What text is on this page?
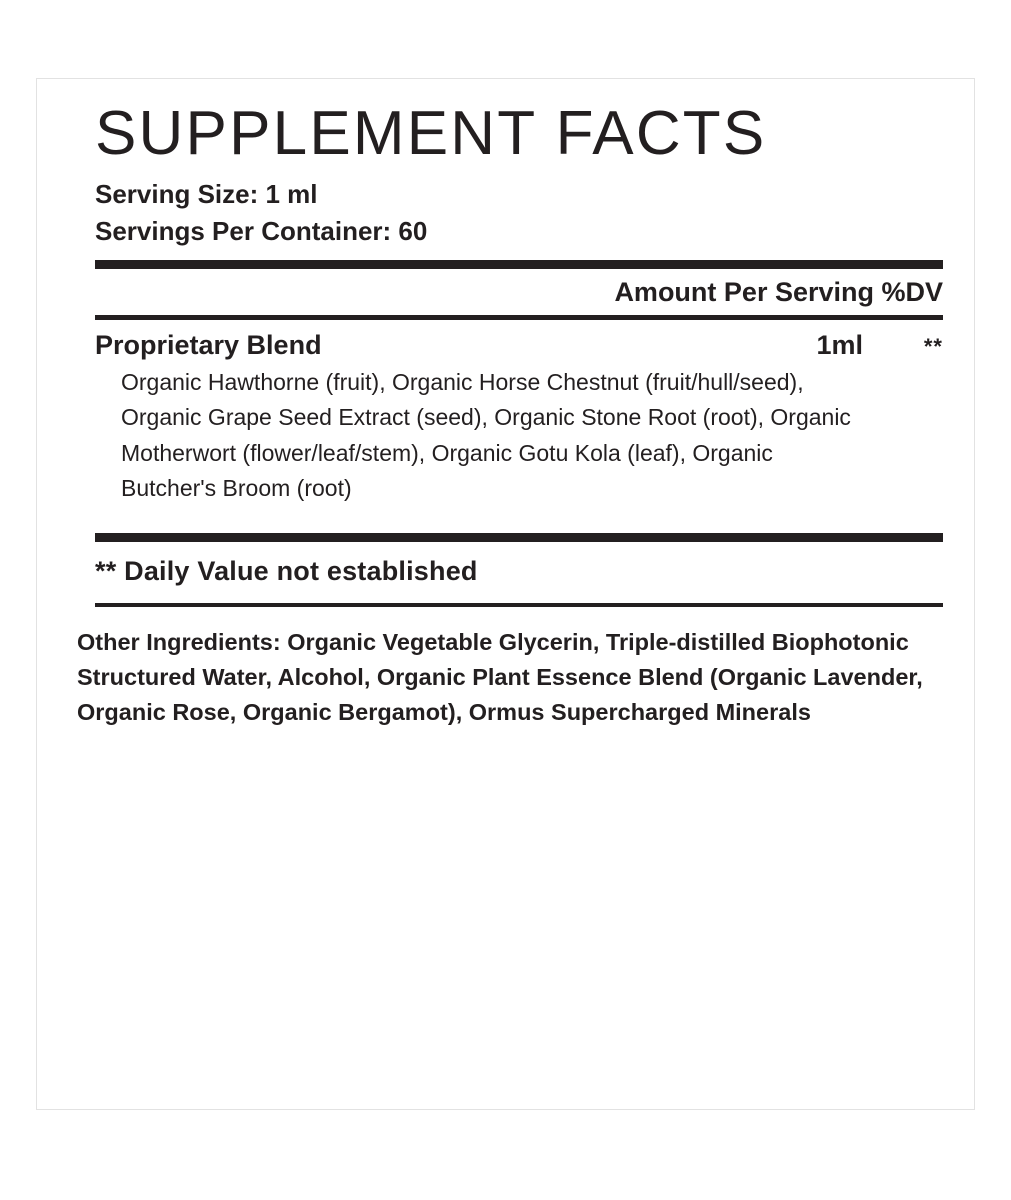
SUPPLEMENT FACTS
Serving Size: 1 ml
Servings Per Container: 60
Amount Per Serving %DV
Proprietary Blend	1ml	**
Organic Hawthorne (fruit), Organic Horse Chestnut (fruit/hull/seed), Organic Grape Seed Extract (seed), Organic Stone Root (root), Organic Motherwort (flower/leaf/stem), Organic Gotu Kola (leaf), Organic Butcher's Broom (root)
** Daily Value not established
Other Ingredients: Organic Vegetable Glycerin, Triple-distilled Biophotonic Structured Water, Alcohol, Organic Plant Essence Blend (Organic Lavender, Organic Rose, Organic Bergamot), Ormus Supercharged Minerals
